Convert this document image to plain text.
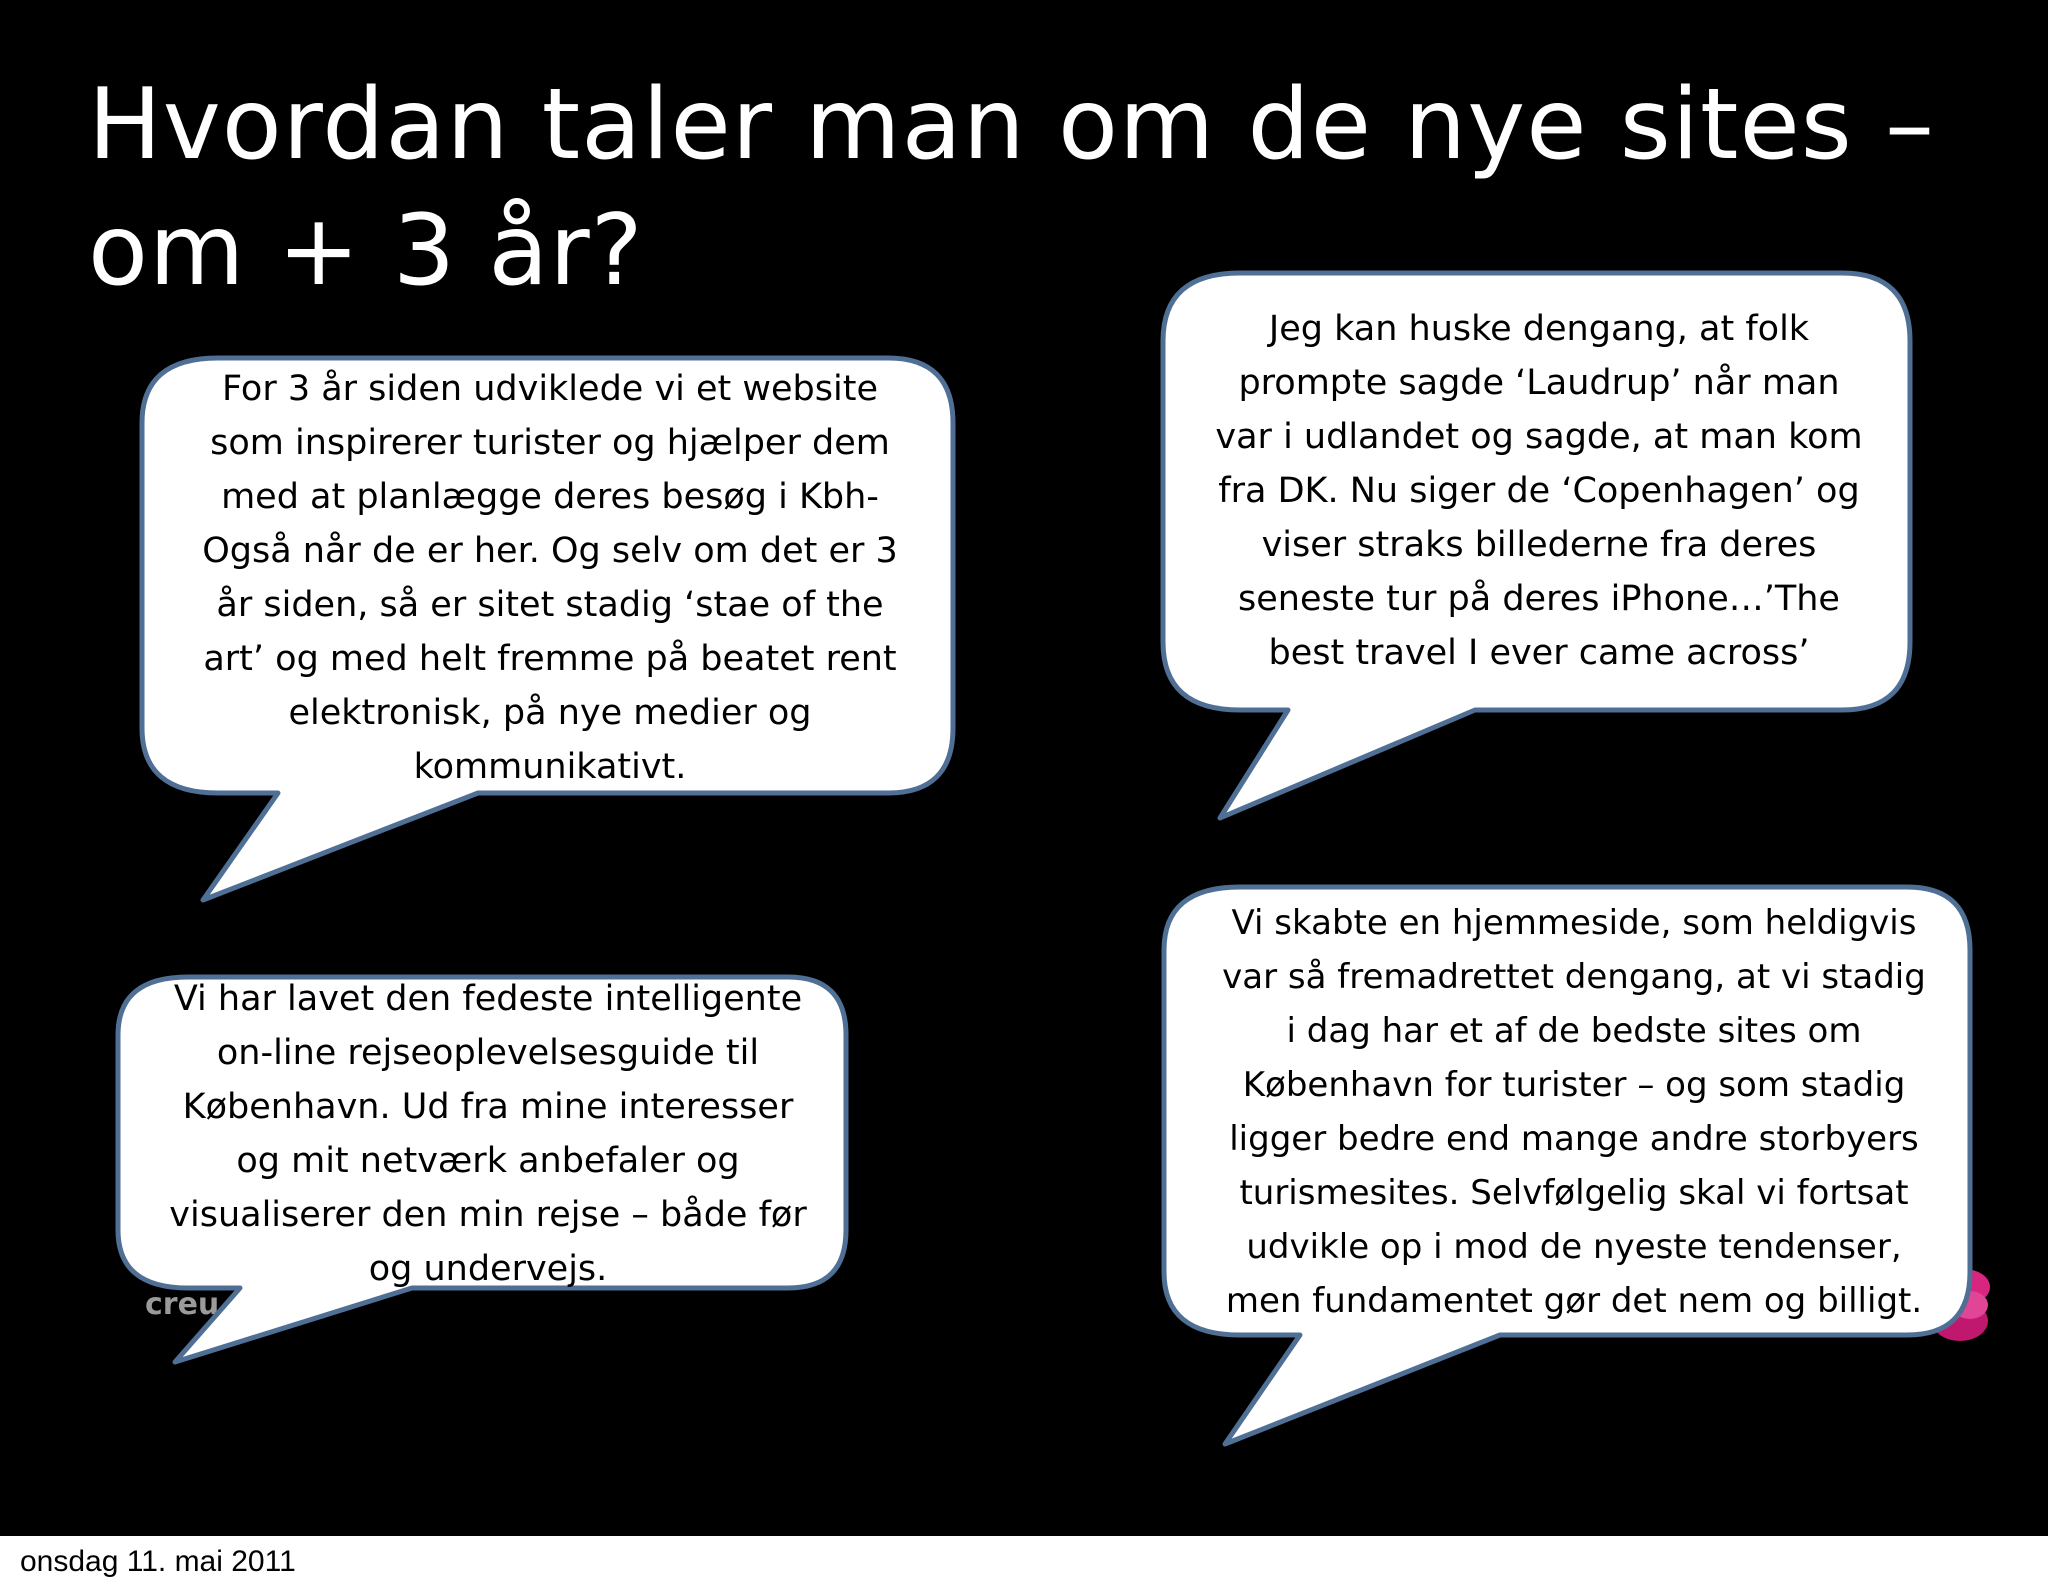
Hvordan taler man om de nye sites –
om + 3 år?

creu

For 3 år siden udviklede vi et website
som inspirerer turister og hjælper dem
med at planlægge deres besøg i Kbh-
Også når de er her. Og selv om det er 3
år siden, så er sitet stadig ‘stae of the
art’ og med helt fremme på beatet rent
elektronisk, på nye medier og
kommunikativt.

Jeg kan huske dengang, at folk
prompte sagde ‘Laudrup’ når man
var i udlandet og sagde, at man kom
fra DK. Nu siger de ‘Copenhagen’ og
viser straks billederne fra deres
seneste tur på deres iPhone…’The
best travel I ever came across’

Vi har lavet den fedeste intelligente
on-line rejseoplevelsesguide til
København. Ud fra mine interesser
og mit netværk anbefaler og
visualiserer den min rejse – både før
og undervejs.

Vi skabte en hjemmeside, som heldigvis
var så fremadrettet dengang, at vi stadig
i dag har et af de bedste sites om
København for turister – og som stadig
ligger bedre end mange andre storbyers
turismesites. Selvfølgelig skal vi fortsat
udvikle op i mod de nyeste tendenser,
men fundamentet gør det nem og billigt.

onsdag 11. mai 2011
